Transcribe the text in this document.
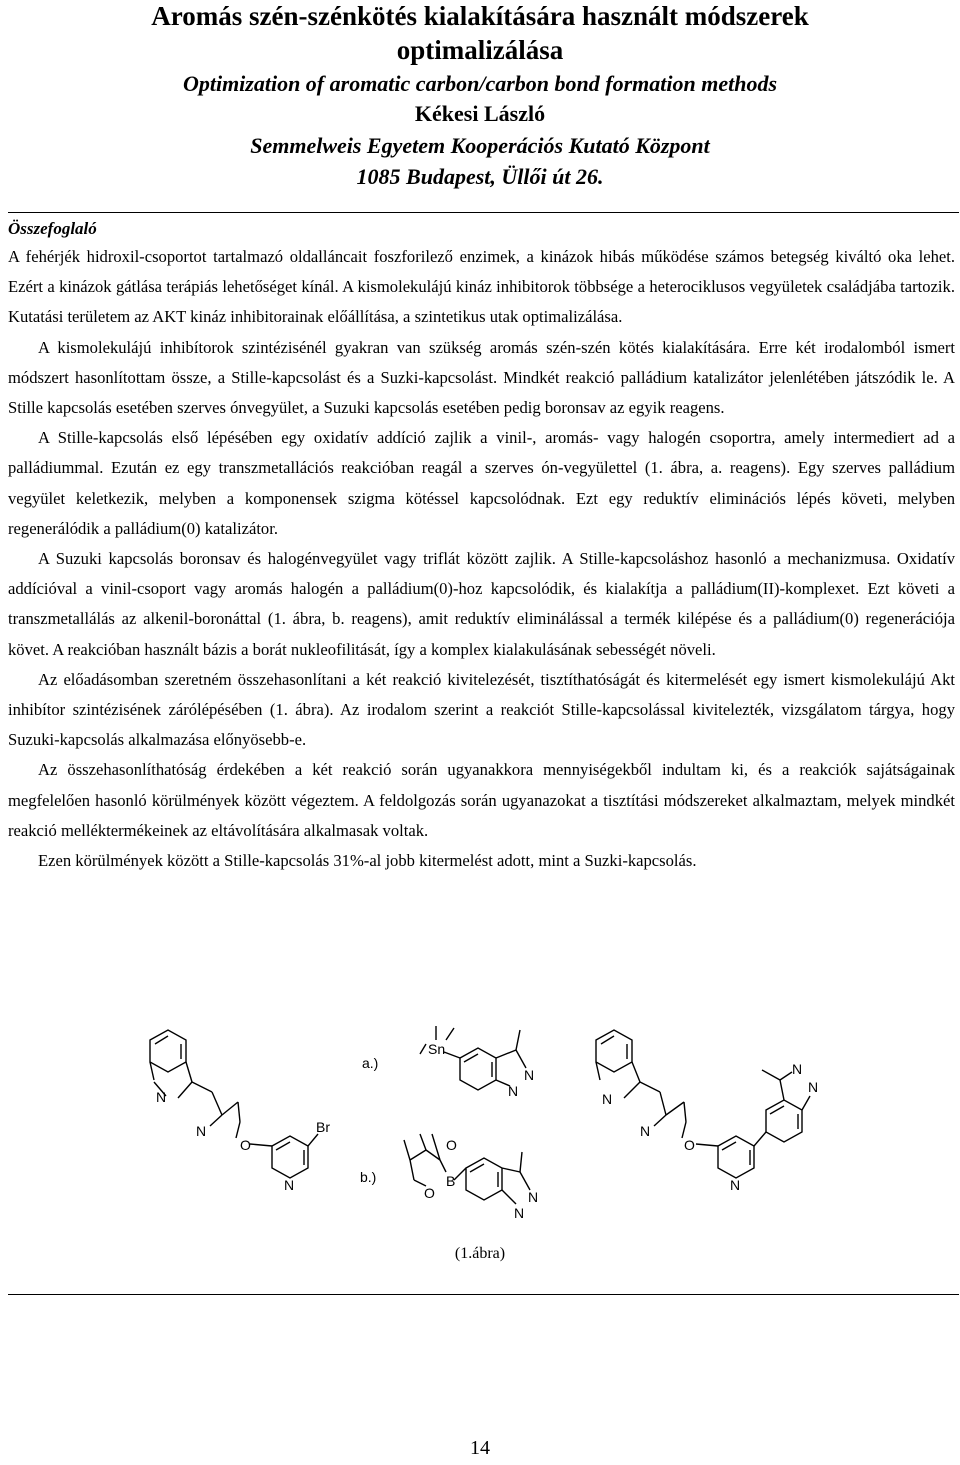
Aromás szén-szénkötés kialakítására használt módszerek
optimalizálása
Optimization of aromatic carbon/carbon bond formation methods
Kékesi László
Semmelweis Egyetem Kooperációs Kutató Központ
1085 Budapest, Üllői út 26.
Összefoglaló

A fehérjék hidroxil-csoportot tartalmazó oldalláncait foszforilező enzimek, a kinázok hibás működése számos betegség kiváltó oka lehet. Ezért a kinázok gátlása terápiás lehetőséget kínál. A kismolekulájú kináz inhibitorok többsége a heterociklusos vegyületek családjába tartozik. Kutatási területem az AKT kináz inhibitorainak előállítása, a szintetikus utak optimalizálása.

A kismolekulájú inhibítorok szintézisénél gyakran van szükség aromás szén-szén kötés kialakítására. Erre két irodalomból ismert módszert hasonlítottam össze, a Stille-kapcsolást és a Suzki-kapcsolást. Mindkét reakció palládium katalizátor jelenlétében játszódik le. A Stille kapcsolás esetében szerves ónvegyület, a Suzuki kapcsolás esetében pedig boronsav az egyik reagens.

A Stille-kapcsolás első lépésében egy oxidatív addíció zajlik a vinil-, aromás- vagy halogén csoportra, amely intermediert ad a palládiummal. Ezután ez egy transzmetallációs reakcióban reagál a szerves ón-vegyülettel (1. ábra, a. reagens). Egy szerves palládium vegyület keletkezik, melyben a komponensek szigma kötéssel kapcsolódnak. Ezt egy reduktív eliminációs lépés követi, melyben regenerálódik a palládium(0) katalizátor.

A Suzuki kapcsolás boronsav és halogénvegyület vagy triflát között zajlik. A Stille-kapcsoláshoz hasonló a mechanizmusa. Oxidatív addícióval a vinil-csoport vagy aromás halogén a palládium(0)-hoz kapcsolódik, és kialakítja a palládium(II)-komplexet. Ezt követi a transzmetallálás az alkenil-boronáttal (1. ábra, b. reagens), amit reduktív eliminálással a termék kilépése és a palládium(0) regenerációja követ. A reakcióban használt bázis a borát nukleofilitását, így a komplex kialakulásának sebességét növeli.

Az előadásomban szeretném összehasonlítani a két reakció kivitelezését, tisztíthatóságát és kitermelését egy ismert kismolekulájú Akt inhibítor szintézisének zárólépésében (1. ábra). Az irodalom szerint a reakciót Stille-kapcsolással kivitelezték, vizsgálatom tárgya, hogy Suzuki-kapcsolás alkalmazása előnyösebb-e.

Az összehasonlíthatóság érdekében a két reakció során ugyanakkora mennyiségekből indultam ki, és a reakciók sajátságainak megfelelően hasonló körülmények között végeztem. A feldolgozás során ugyanazokat a tisztítási módszereket alkalmaztam, melyek mindkét reakció melléktermékeinek az eltávolítására alkalmasak voltak.

Ezen körülmények között a Stille-kapcsolás 31%-al jobb kitermelést adott, mint a Suzki-kapcsolás.

N
N
O
Br
N
a.)
Sn
N
N
b.)
O
O
B
N
N
N
N
O
N
N
N
(1.ábra)
14
